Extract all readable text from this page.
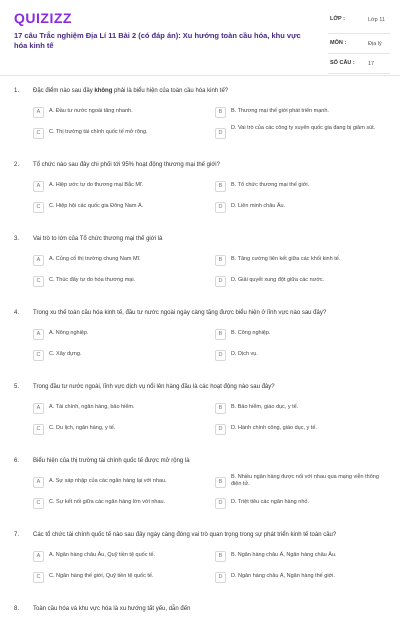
QUIZIZZ
17 câu Trắc nghiệm Địa Lí 11 Bài 2 (có đáp án): Xu hướng toàn cầu hóa, khu vực hóa kinh tế
LỚP :	Lớp 11
MÔN :	Địa lý
SỐ CÂU : 17
1. Đặc điểm nào sau đây không phải là biểu hiện của toàn cầu hóa kinh tế?
A	A. Đầu tư nước ngoài tăng nhanh.	B	B. Thương mại thế giới phát triển mạnh.
C	C. Thị trường tài chính quốc tế mở rộng.	D
D. Vai trò của các công ty xuyên quốc gia đang bị giảm sút.
2. Tổ chức nào sau đây chi phối tới 95% hoạt động thương mại thế giới?
A	A. Hiệp ước tự do thương mại Bắc Mĩ.	B	B. Tổ chức thương mại thế giới.
C	C. Hiệp hội các quốc gia Đông Nam Á.	D	D. Liên minh châu Âu.
3. Vai trò to lớn của Tổ chức thương mại thế giới là
A	A. Củng cố thị trường chung Nam Mĩ.	B	B. Tăng cường liên kết giữa các khối kinh tế.
C	C. Thúc đẩy tự do hóa thương mại.	D	D. Giải quyết xung đột giữa các nước.
4. Trong xu thế toàn cầu hóa kinh tế, đầu tư nước ngoài ngày càng tăng được biểu hiện ở lĩnh vực nào sau đây?
A	A. Nông nghiệp.	B	B. Công nghiệp.
C	C. Xây dựng.	D	D. Dịch vụ.
5. Trong đầu tư nước ngoài, lĩnh vực dịch vụ nổi lên hàng đầu là các hoạt động nào sau đây?
A	A. Tài chính, ngân hàng, bảo hiểm.	B	B. Bảo hiểm, giáo dục, y tế.
C	C. Du lịch, ngân hàng, y tế.	D	D. Hành chính công, giáo dục, y tế.
6. Biểu hiện của thị trường tài chính quốc tế được mở rộng là
A	A. Sự sáp nhập của các ngân hàng lại với nhau.	B
B. Nhiều ngân hàng được nối với nhau qua mạng viễn thông điện tử.
C	C. Sự kết nối giữa các ngân hàng lớn với nhau.	D	D. Triệt tiêu các ngân hàng nhỏ.
7. Các tổ chức tài chính quốc tế nào sau đây ngày càng đóng vai trò quan trọng trong sự phát triển kinh tế toàn cầu?
A	A. Ngân hàng châu Âu, Quỹ tiền tệ quốc tế.	B	B. Ngân hàng châu Á, Ngân hàng châu Âu.
C	C. Ngân hàng thế giới, Quỹ tiền tệ quốc tế.	D	D. Ngân hàng châu Á, Ngân hàng thế giới.
8. Toàn cầu hóa và khu vực hóa là xu hướng tất yếu, dẫn đến
